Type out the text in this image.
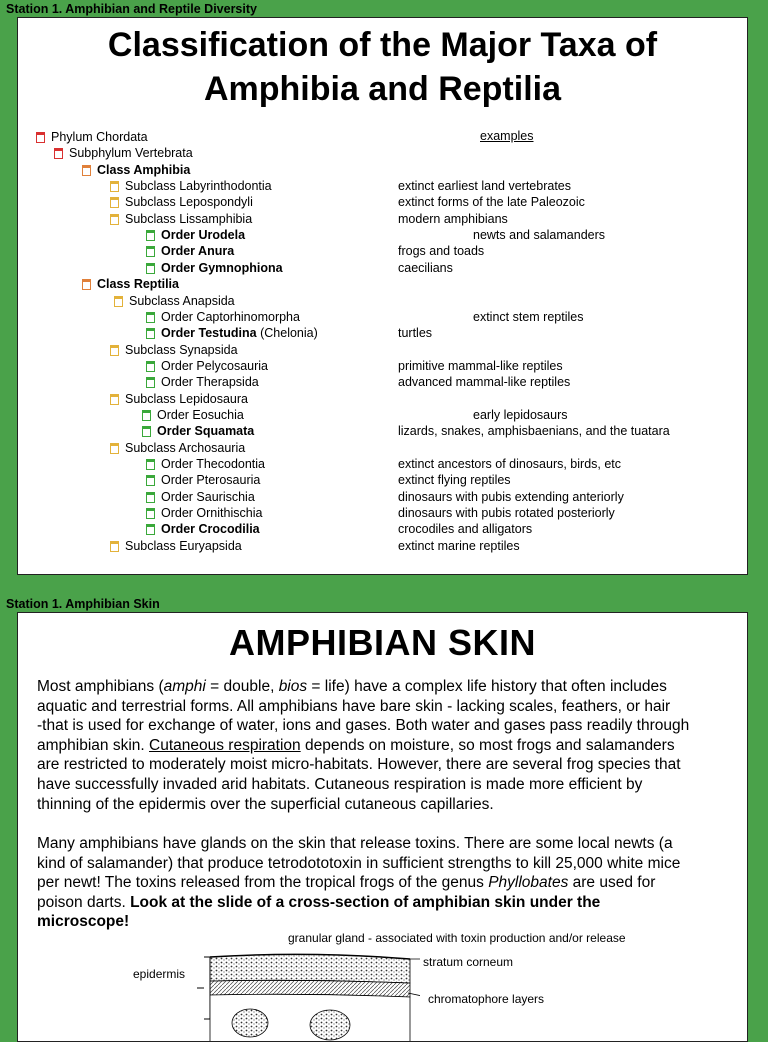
Station 1. Amphibian and Reptile Diversity
Classification of the Major Taxa of
Amphibia and Reptilia
examples
Phylum Chordata
Subphylum Vertebrata
Class Amphibia
Subclass Labyrinthodontia	extinct earliest land vertebrates
Subclass Lepospondyli	extinct forms of the late Paleozoic
Subclass Lissamphibia	modern amphibians
Order Urodela	newts and salamanders
Order Anura	frogs and toads
Order Gymnophiona	caecilians
Class Reptilia
Subclass Anapsida
Order Captorhinomorpha	extinct stem reptiles
Order Testudina (Chelonia)	turtles
Subclass Synapsida
Order Pelycosauria	primitive mammal-like reptiles
Order Therapsida	advanced mammal-like reptiles
Subclass Lepidosaura
Order Eosuchia	early lepidosaurs
Order Squamata	lizards, snakes, amphisbaenians, and the tuatara
Subclass Archosauria
Order Thecodontia	extinct ancestors of dinosaurs, birds, etc
Order Pterosauria	extinct flying reptiles
Order Saurischia	dinosaurs with pubis extending anteriorly
Order Ornithischia	dinosaurs with pubis rotated posteriorly
Order Crocodilia	crocodiles and alligators
Subclass Euryapsida	extinct marine reptiles
Station 1. Amphibian Skin
AMPHIBIAN SKIN
Most amphibians (amphi = double, bios = life) have a complex life history that often includes
aquatic and terrestrial forms. All amphibians have bare skin - lacking scales, feathers, or hair
-that is used for exchange of water, ions and gases. Both water and gases pass readily through
amphibian skin. Cutaneous respiration depends on moisture, so most frogs and salamanders
are restricted to moderately moist micro-habitats. However, there are several frog species that
have successfully invaded arid habitats. Cutaneous respiration is made more efficient by
thinning of the epidermis over the superficial cutaneous capillaries.
Many amphibians have glands on the skin that release toxins. There are some local newts (a
kind of salamander) that produce tetrodototoxin in sufficient strengths to kill 25,000 white mice
per newt! The toxins released from the tropical frogs of the genus Phyllobates are used for
poison darts. Look at the slide of a cross-section of amphibian skin under the
microscope!
granular gland - associated with toxin production and/or release
epidermis
stratum corneum
chromatophore layers
